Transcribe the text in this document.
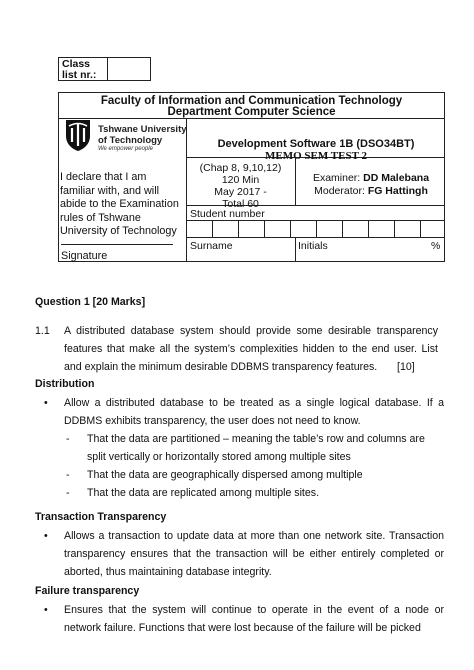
Class list nr.:
Faculty of Information and Communication Technology
Department Computer Science
Tshwane University
of Technology
We empower people
I declare that I am familiar with, and will abide to the Examination rules of Tshwane University of Technology
Signature
Development Software 1B (DSO34BT)
MEMO SEM TEST 2
(Chap 8, 9,10,12)
120 Min
May 2017 -
Total 60
Examiner: DD Malebana
Moderator: FG Hattingh
Student number
Surname	Initials	%
Question 1 [20 Marks]
1.1 A distributed database system should provide some desirable transparency features that make all the system’s complexities hidden to the end user. List and explain the minimum desirable DDBMS transparency features.	[10]
Distribution
• Allow a distributed database to be treated as a single logical database. If a DDBMS exhibits transparency, the user does not need to know.
- That the data are partitioned – meaning the table’s row and columns are split vertically or horizontally stored among multiple sites
- That the data are geographically dispersed among multiple
- That the data are replicated among multiple sites.
Transaction Transparency
• Allows a transaction to update data at more than one network site. Transaction transparency ensures that the transaction will be either entirely completed or aborted, thus maintaining database integrity.
Failure transparency
• Ensures that the system will continue to operate in the event of a node or network failure. Functions that were lost because of the failure will be picked
